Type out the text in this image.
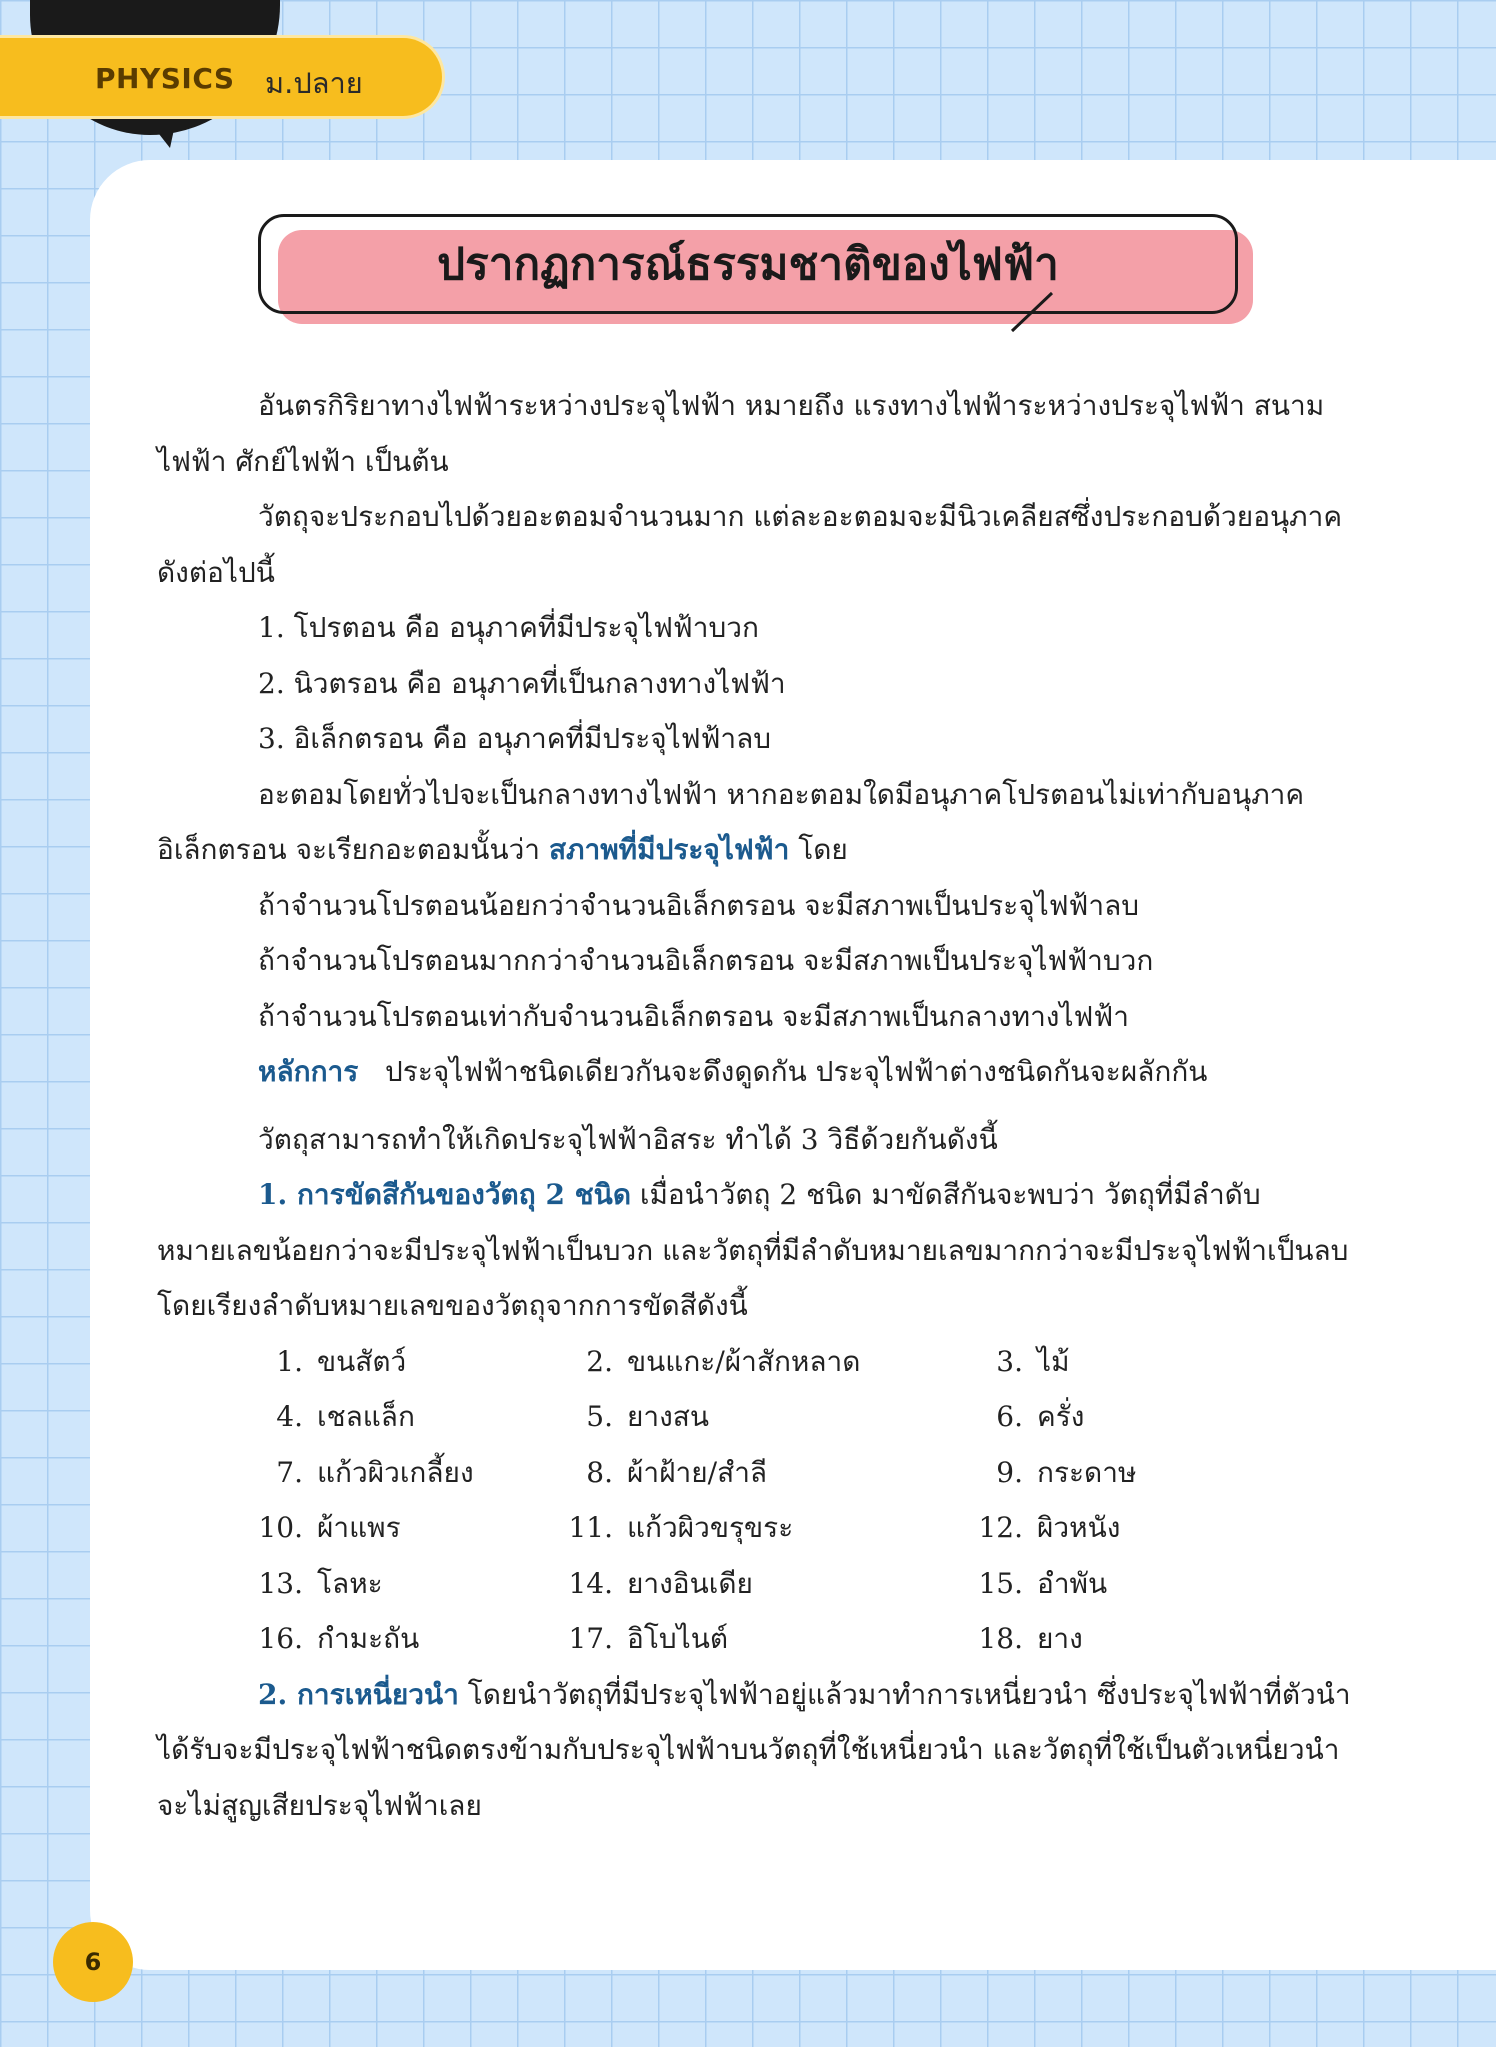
PHYSICS ม.ปลาย
ปรากฏการณ์ธรรมชาติของไฟฟ้า

อันตรกิริยาทางไฟฟ้าระหว่างประจุไฟฟ้า หมายถึง แรงทางไฟฟ้าระหว่างประจุไฟฟ้า สนามไฟฟ้า ศักย์ไฟฟ้า เป็นต้น

วัตถุจะประกอบไปด้วยอะตอมจำนวนมาก แต่ละอะตอมจะมีนิวเคลียสซึ่งประกอบด้วยอนุภาค ดังต่อไปนี้

1. โปรตอน คือ อนุภาคที่มีประจุไฟฟ้าบวก

2. นิวตรอน คือ อนุภาคที่เป็นกลางทางไฟฟ้า

3. อิเล็กตรอน คือ อนุภาคที่มีประจุไฟฟ้าลบ

อะตอมโดยทั่วไปจะเป็นกลางทางไฟฟ้า หากอะตอมใดมีอนุภาคโปรตอนไม่เท่ากับอนุภาคอิเล็กตรอน จะเรียกอะตอมนั้นว่า สภาพที่มีประจุไฟฟ้า โดย

ถ้าจำนวนโปรตอนน้อยกว่าจำนวนอิเล็กตรอน จะมีสภาพเป็นประจุไฟฟ้าลบ

ถ้าจำนวนโปรตอนมากกว่าจำนวนอิเล็กตรอน จะมีสภาพเป็นประจุไฟฟ้าบวก

ถ้าจำนวนโปรตอนเท่ากับจำนวนอิเล็กตรอน จะมีสภาพเป็นกลางทางไฟฟ้า

หลักการ ประจุไฟฟ้าชนิดเดียวกันจะดึงดูดกัน ประจุไฟฟ้าต่างชนิดกันจะผลักกัน

วัตถุสามารถทำให้เกิดประจุไฟฟ้าอิสระ ทำได้ 3 วิธีด้วยกันดังนี้

1. การขัดสีกันของวัตถุ 2 ชนิด เมื่อนำวัตถุ 2 ชนิด มาขัดสีกันจะพบว่า วัตถุที่มีลำดับหมายเลขน้อยกว่าจะมีประจุไฟฟ้าเป็นบวก และวัตถุที่มีลำดับหมายเลขมากกว่าจะมีประจุไฟฟ้าเป็นลบ โดยเรียงลำดับหมายเลขของวัตถุจากการขัดสีดังนี้

1. ขนสัตว์	2. ขนแกะ/ผ้าสักหลาด	3. ไม้
4. เชลแล็ก	5. ยางสน	6. ครั่ง
7. แก้วผิวเกลี้ยง	8. ผ้าฝ้าย/สำลี	9. กระดาษ
10. ผ้าแพร	11. แก้วผิวขรุขระ	12. ผิวหนัง
13. โลหะ	14. ยางอินเดีย	15. อำพัน
16. กำมะถัน	17. อิโบไนต์	18. ยาง

2. การเหนี่ยวนำ โดยนำวัตถุที่มีประจุไฟฟ้าอยู่แล้วมาทำการเหนี่ยวนำ ซึ่งประจุไฟฟ้าที่ตัวนำได้รับจะมีประจุไฟฟ้าชนิดตรงข้ามกับประจุไฟฟ้าบนวัตถุที่ใช้เหนี่ยวนำ และวัตถุที่ใช้เป็นตัวเหนี่ยวนำจะไม่สูญเสียประจุไฟฟ้าเลย

6
